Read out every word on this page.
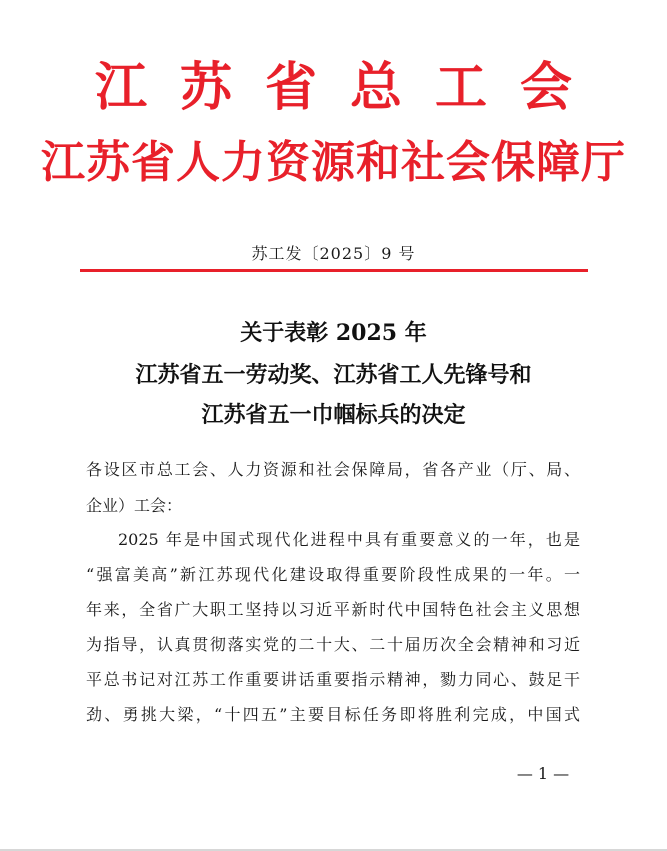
江苏省总工会
江苏省人力资源和社会保障厅
苏工发〔2025〕9 号
关于表彰 2025 年
江苏省五一劳动奖、江苏省工人先锋号和
江苏省五一巾帼标兵的决定
各设区市总工会、人力资源和社会保障局，省各产业（厅、局、
企业）工会：
2025 年是中国式现代化进程中具有重要意义的一年，也是
“强富美高”新江苏现代化建设取得重要阶段性成果的一年。一
年来，全省广大职工坚持以习近平新时代中国特色社会主义思想
为指导，认真贯彻落实党的二十大、二十届历次全会精神和习近
平总书记对江苏工作重要讲话重要指示精神，勠力同心、鼓足干
劲、勇挑大梁，“十四五”主要目标任务即将胜利完成，中国式
— 1 —
